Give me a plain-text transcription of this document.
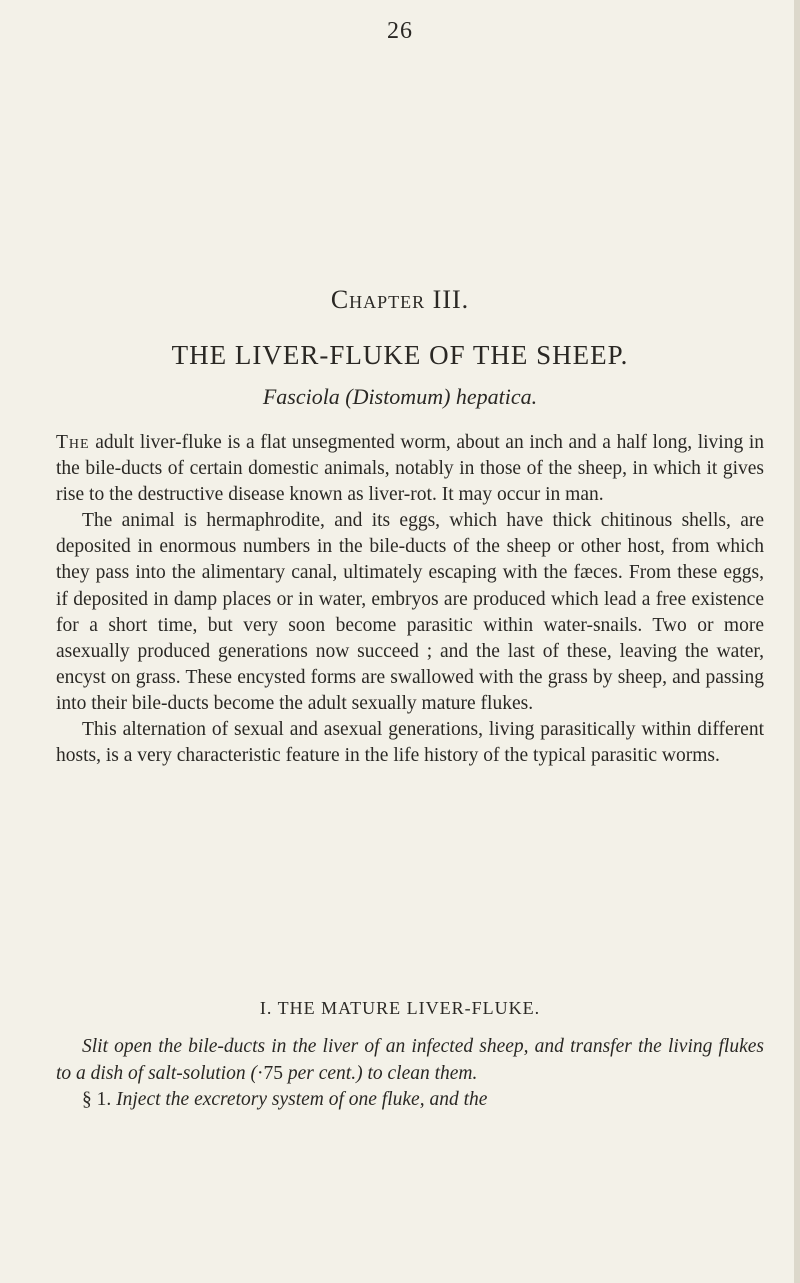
26
Chapter III.
THE LIVER-FLUKE OF THE SHEEP.
Fasciola (Distomum) hepatica.

The adult liver-fluke is a flat unsegmented worm, about an inch and a half long, living in the bile-ducts of certain domestic animals, notably in those of the sheep, in which it gives rise to the destructive disease known as liver-rot. It may occur in man.

The animal is hermaphrodite, and its eggs, which have thick chitinous shells, are deposited in enormous numbers in the bile-ducts of the sheep or other host, from which they pass into the alimentary canal, ultimately escaping with the fæces. From these eggs, if deposited in damp places or in water, embryos are produced which lead a free existence for a short time, but very soon become parasitic within water-snails. Two or more asexually produced generations now succeed ; and the last of these, leaving the water, encyst on grass. These encysted forms are swallowed with the grass by sheep, and passing into their bile-ducts become the adult sexually mature flukes.

This alternation of sexual and asexual generations, living parasitically within different hosts, is a very characteristic feature in the life history of the typical parasitic worms.

I. THE MATURE LIVER-FLUKE.

Slit open the bile-ducts in the liver of an infected sheep, and transfer the living flukes to a dish of salt-solution (·75 per cent.) to clean them.

§ 1. Inject the excretory system of one fluke, and the
